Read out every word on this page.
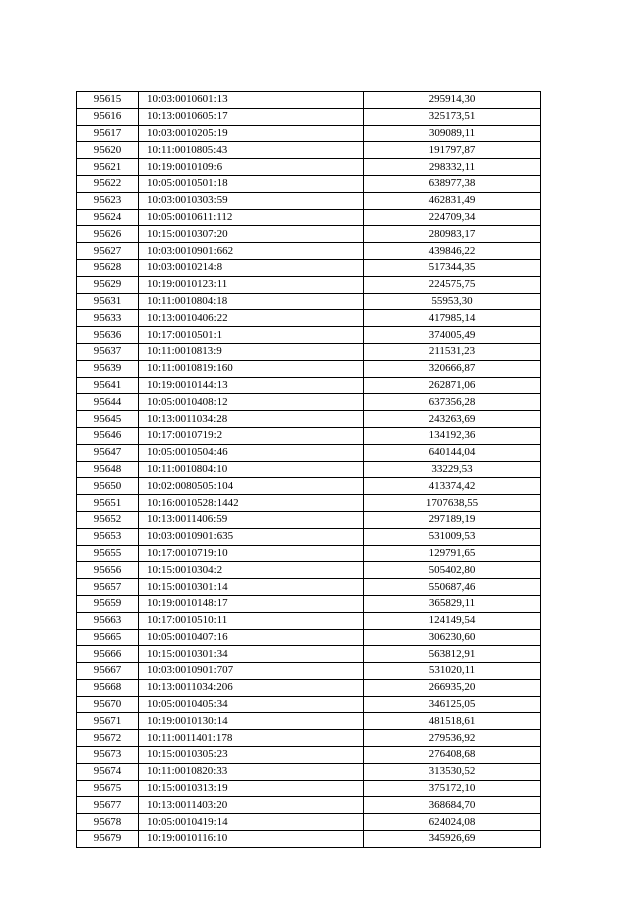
95615	10:03:0010601:13	295914,30
95616	10:13:0010605:17	325173,51
95617	10:03:0010205:19	309089,11
95620	10:11:0010805:43	191797,87
95621	10:19:0010109:6	298332,11
95622	10:05:0010501:18	638977,38
95623	10:03:0010303:59	462831,49
95624	10:05:0010611:112	224709,34
95626	10:15:0010307:20	280983,17
95627	10:03:0010901:662	439846,22
95628	10:03:0010214:8	517344,35
95629	10:19:0010123:11	224575,75
95631	10:11:0010804:18	55953,30
95633	10:13:0010406:22	417985,14
95636	10:17:0010501:1	374005,49
95637	10:11:0010813:9	211531,23
95639	10:11:0010819:160	320666,87
95641	10:19:0010144:13	262871,06
95644	10:05:0010408:12	637356,28
95645	10:13:0011034:28	243263,69
95646	10:17:0010719:2	134192,36
95647	10:05:0010504:46	640144,04
95648	10:11:0010804:10	33229,53
95650	10:02:0080505:104	413374,42
95651	10:16:0010528:1442	1707638,55
95652	10:13:0011406:59	297189,19
95653	10:03:0010901:635	531009,53
95655	10:17:0010719:10	129791,65
95656	10:15:0010304:2	505402,80
95657	10:15:0010301:14	550687,46
95659	10:19:0010148:17	365829,11
95663	10:17:0010510:11	124149,54
95665	10:05:0010407:16	306230,60
95666	10:15:0010301:34	563812,91
95667	10:03:0010901:707	531020,11
95668	10:13:0011034:206	266935,20
95670	10:05:0010405:34	346125,05
95671	10:19:0010130:14	481518,61
95672	10:11:0011401:178	279536,92
95673	10:15:0010305:23	276408,68
95674	10:11:0010820:33	313530,52
95675	10:15:0010313:19	375172,10
95677	10:13:0011403:20	368684,70
95678	10:05:0010419:14	624024,08
95679	10:19:0010116:10	345926,69
